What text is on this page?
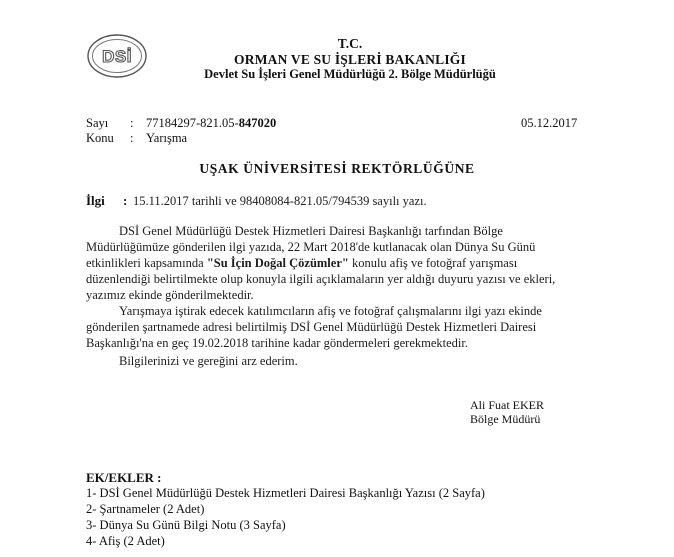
DSİ
T.C.
ORMAN VE SU İŞLERİ BAKANLIĞI
Devlet Su İşleri Genel Müdürlüğü 2. Bölge Müdürlüğü
Sayı : 77184297-821.05-847020	05.12.2017
Konu : Yarışma
UŞAK ÜNİVERSİTESİ REKTÖRLÜĞÜNE
İlgi : 15.11.2017 tarihli ve 98408084-821.05/794539 sayılı yazı.
DSİ Genel Müdürlüğü Destek Hizmetleri Dairesi Başkanlığı tarfından Bölge
Müdürlüğümüze gönderilen ilgi yazıda, 22 Mart 2018'de kutlanacak olan Dünya Su Günü
etkinlikleri kapsamında "Su İçin Doğal Çözümler" konulu afiş ve fotoğraf yarışması
düzenlendiği belirtilmekte olup konuyla ilgili açıklamaların yer aldığı duyuru yazısı ve ekleri,
yazımız ekinde gönderilmektedir.
Yarışmaya iştirak edecek katılımcıların afiş ve fotoğraf çalışmalarını ilgi yazı ekinde
gönderilen şartnamede adresi belirtilmiş DSİ Genel Müdürlüğü Destek Hizmetleri Dairesi
Başkanlığı'na en geç 19.02.2018 tarihine kadar göndermeleri gerekmektedir.
Bilgilerinizi ve gereğini arz ederim.
Ali Fuat EKER
Bölge Müdürü
EK/EKLER :
1- DSİ Genel Müdürlüğü Destek Hizmetleri Dairesi Başkanlığı Yazısı (2 Sayfa)
2- Şartnameler (2 Adet)
3- Dünya Su Günü Bilgi Notu (3 Sayfa)
4- Afiş (2 Adet)
